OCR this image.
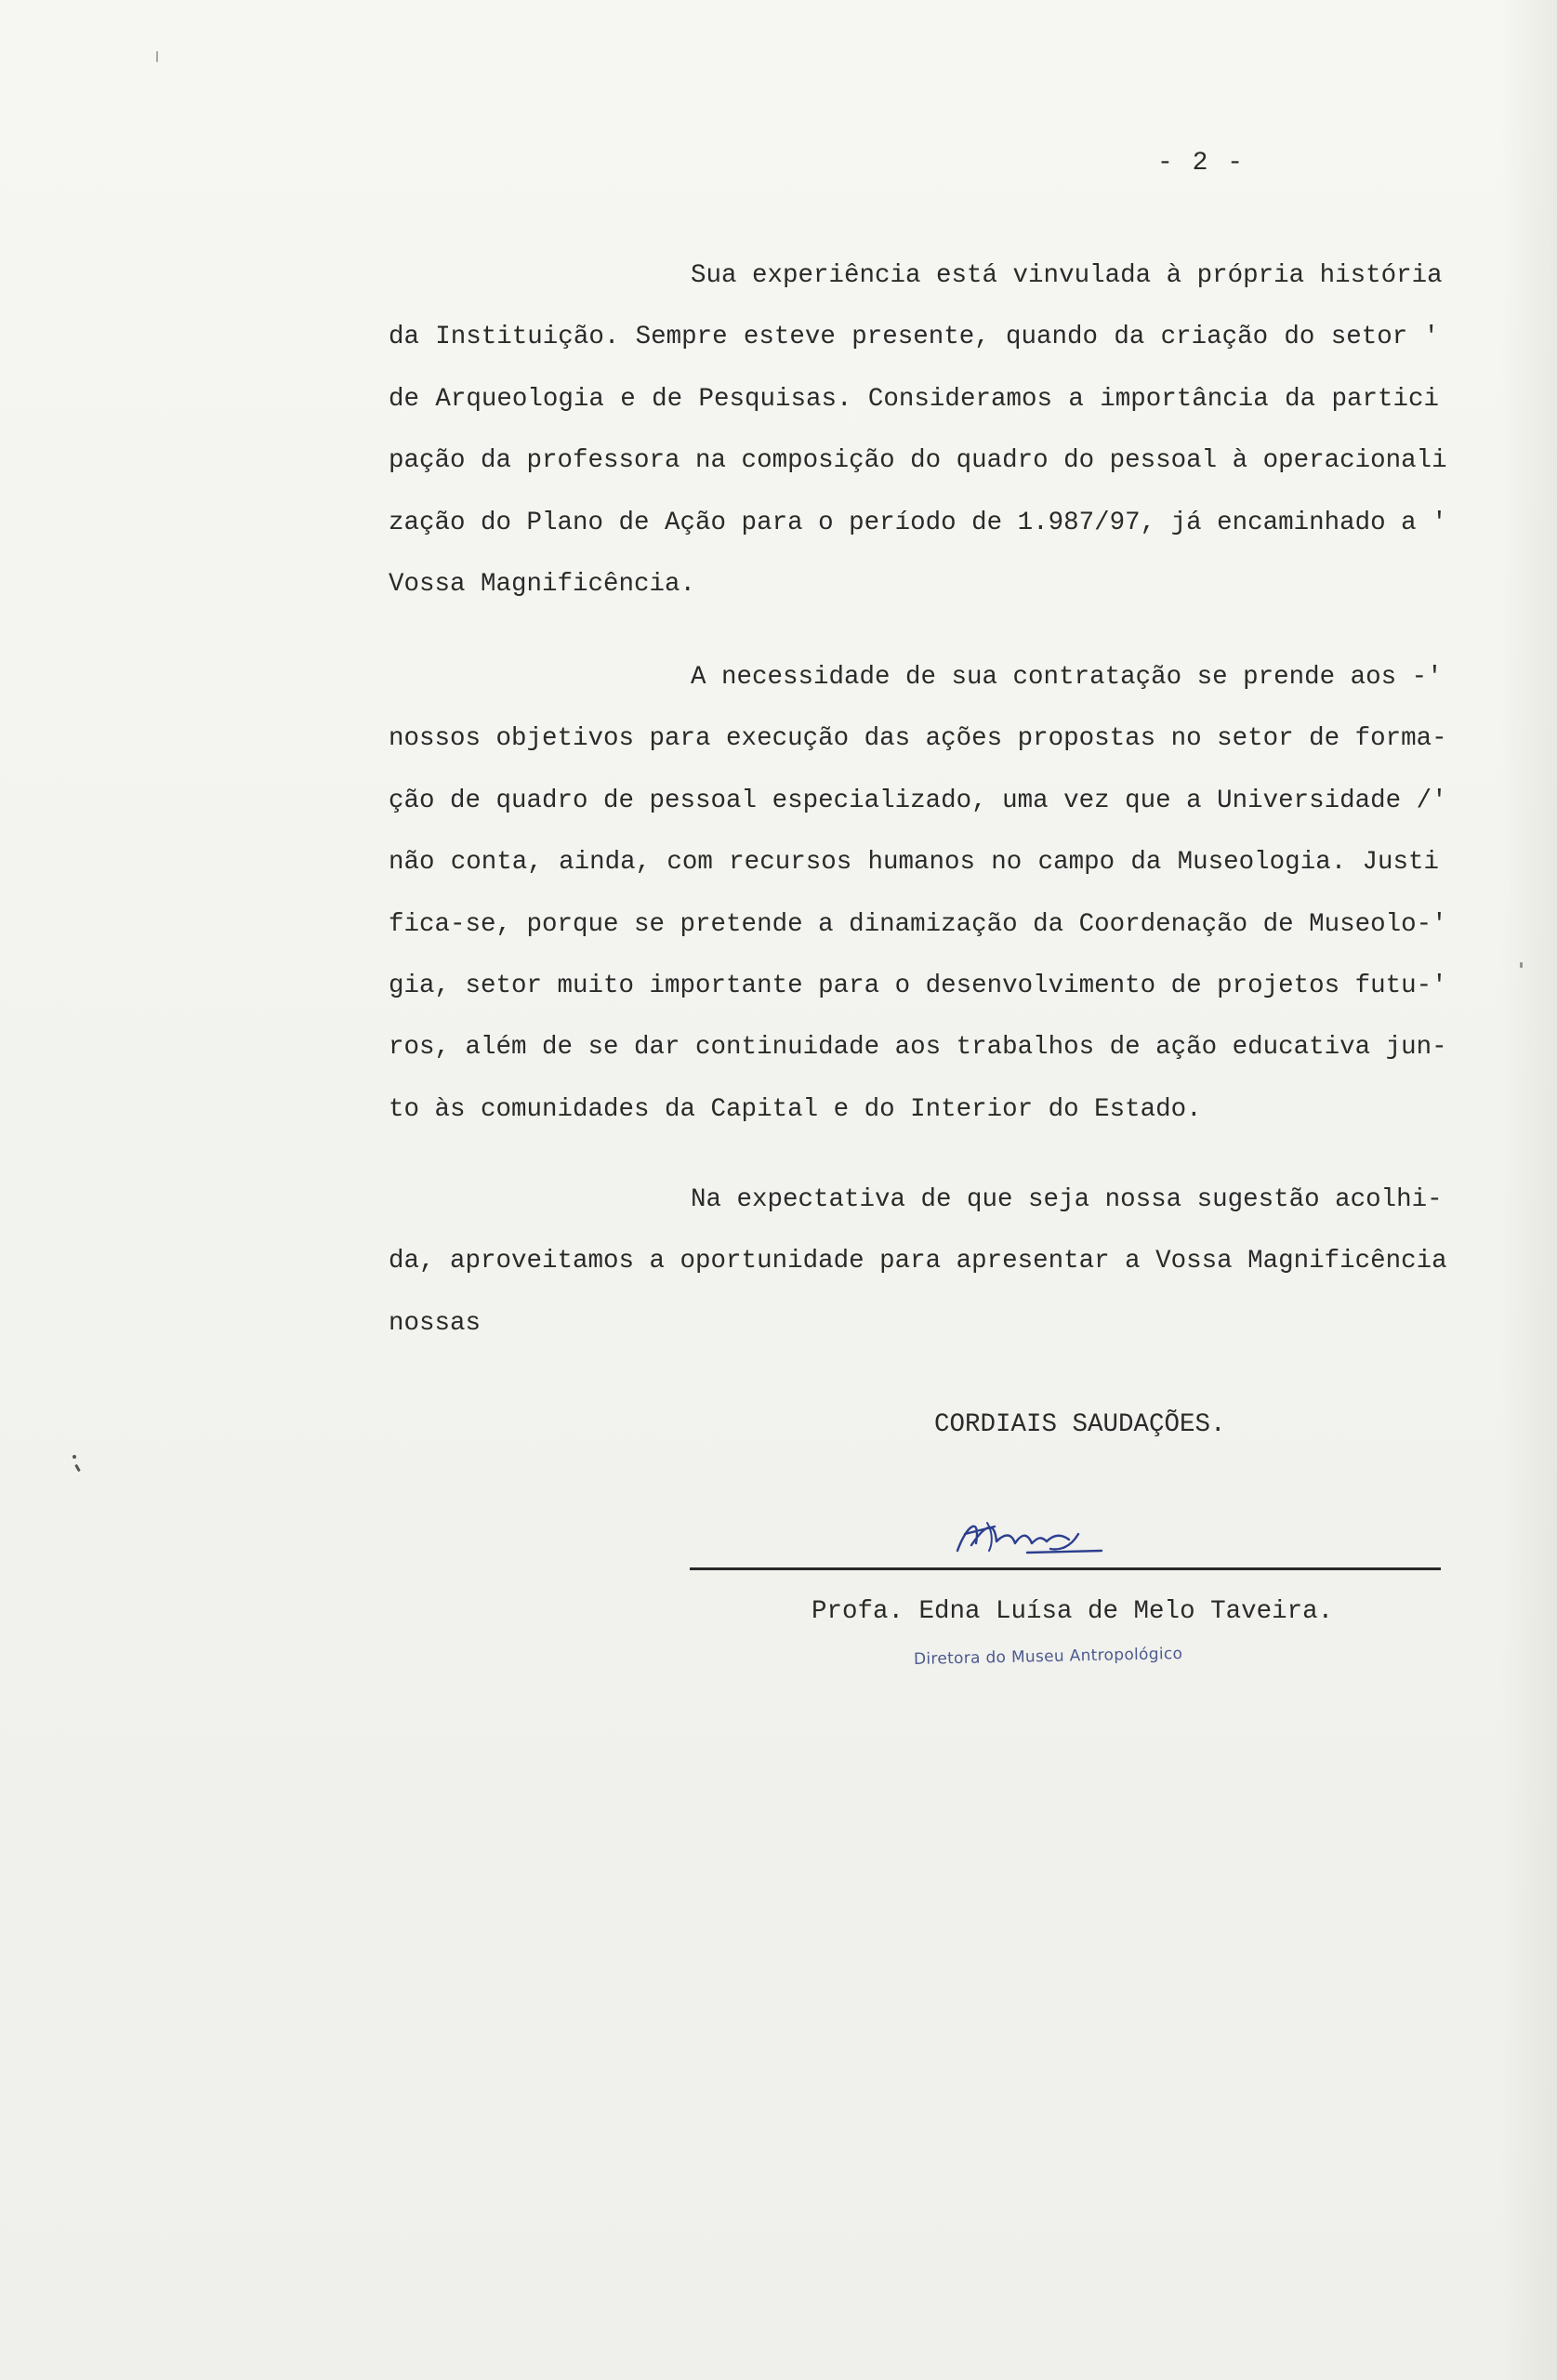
- 2 -

Sua experiência está vinvulada à própria história
da Instituição. Sempre esteve presente, quando da criação do setor '
de Arqueologia e de Pesquisas. Consideramos a importância da partici
pação da professora na composição do quadro do pessoal à operacionali
zação do Plano de Ação para o período de 1.987/97, já encaminhado a '
Vossa Magnificência.

A necessidade de sua contratação se prende aos -'
nossos objetivos para execução das ações propostas no setor de forma-
ção de quadro de pessoal especializado, uma vez que a Universidade /'
não conta, ainda, com recursos humanos no campo da Museologia. Justi
fica-se, porque se pretende a dinamização da Coordenação de Museolo-'
gia, setor muito importante para o desenvolvimento de projetos futu-'
ros, além de se dar continuidade aos trabalhos de ação educativa jun-
to às comunidades da Capital e do Interior do Estado.

Na expectativa de que seja nossa sugestão acolhi-
da, aproveitamos a oportunidade para apresentar a Vossa Magnificência
nossas

CORDIAIS SAUDAÇÕES.
Profa. Edna Luísa de Melo Taveira.
Diretora do Museu Antropológico
